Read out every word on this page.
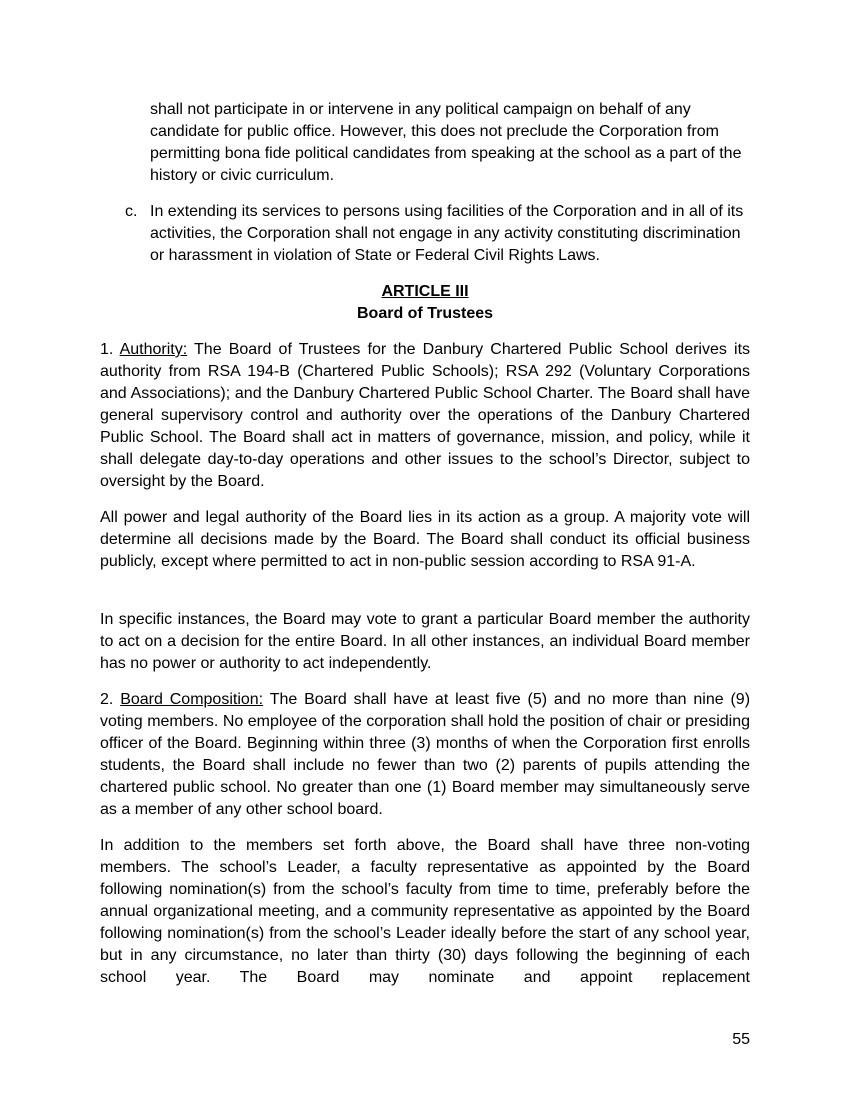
shall not participate in or intervene in any political campaign on behalf of any candidate for public office. However, this does not preclude the Corporation from permitting bona fide political candidates from speaking at the school as a part of the history or civic curriculum.

c. In extending its services to persons using facilities of the Corporation and in all of its activities, the Corporation shall not engage in any activity constituting discrimination or harassment in violation of State or Federal Civil Rights Laws.
ARTICLE III
Board of Trustees

1. Authority: The Board of Trustees for the Danbury Chartered Public School derives its authority from RSA 194-B (Chartered Public Schools); RSA 292 (Voluntary Corporations and Associations); and the Danbury Chartered Public School Charter. The Board shall have general supervisory control and authority over the operations of the Danbury Chartered Public School. The Board shall act in matters of governance, mission, and policy, while it shall delegate day-to-day operations and other issues to the school’s Director, subject to oversight by the Board.

All power and legal authority of the Board lies in its action as a group. A majority vote will determine all decisions made by the Board. The Board shall conduct its official business publicly, except where permitted to act in non-public session according to RSA 91-A.

In specific instances, the Board may vote to grant a particular Board member the authority to act on a decision for the entire Board. In all other instances, an individual Board member has no power or authority to act independently.

2. Board Composition: The Board shall have at least five (5) and no more than nine (9) voting members. No employee of the corporation shall hold the position of chair or presiding officer of the Board. Beginning within three (3) months of when the Corporation first enrolls students, the Board shall include no fewer than two (2) parents of pupils attending the chartered public school. No greater than one (1) Board member may simultaneously serve as a member of any other school board.

In addition to the members set forth above, the Board shall have three non-voting members. The school’s Leader, a faculty representative as appointed by the Board following nomination(s) from the school’s faculty from time to time, preferably before the annual organizational meeting, and a community representative as appointed by the Board following nomination(s) from the school’s Leader ideally before the start of any school year, but in any circumstance, no later than thirty (30) days following the beginning of each school year. The Board may nominate and appoint replacement

55
